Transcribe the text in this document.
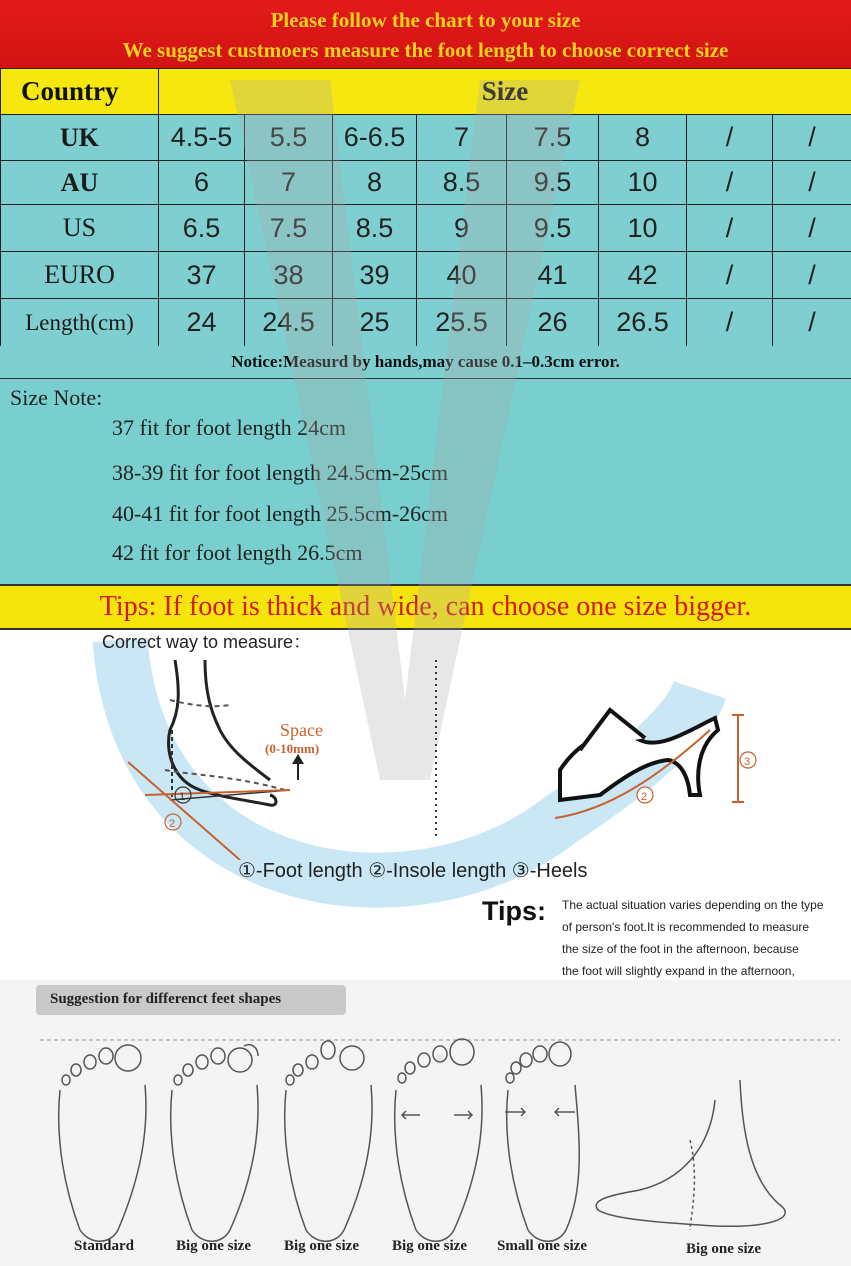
Please follow the chart to your size
We suggest custmoers measure the foot length to choose correct size
Country	Size							
UK	4.5-5	5.5	6-6.5	7	7.5	8	/	/
AU	6	7	8	8.5	9.5	10	/	/
US	6.5	7.5	8.5	9	9.5	10	/	/
EURO	37	38	39	40	41	42	/	/
Length(cm)	24	24.5	25	25.5	26	26.5	/	/
Notice:Measurd by hands,may cause 0.1–0.3cm error.
Size Note:
37 fit for foot length 24cm
38-39 fit for foot length 24.5cm-25cm
40-41 fit for foot length 25.5cm-26cm
42 fit for foot length 26.5cm
Tips: If foot is thick and wide, can choose one size bigger.
Correct way to measure：
1
2
Space
(0-10mm)
2
3
①-Foot length ②-Insole length ③-Heels
Tips: The actual situation varies depending on the type
of person's foot.It is recommended to measure
the size of the foot in the afternoon, because
the foot will slightly expand in the afternoon,
Suggestion for differenct feet shapes
Standard	Big one size Big one size Big one size Small one size	Big one size
